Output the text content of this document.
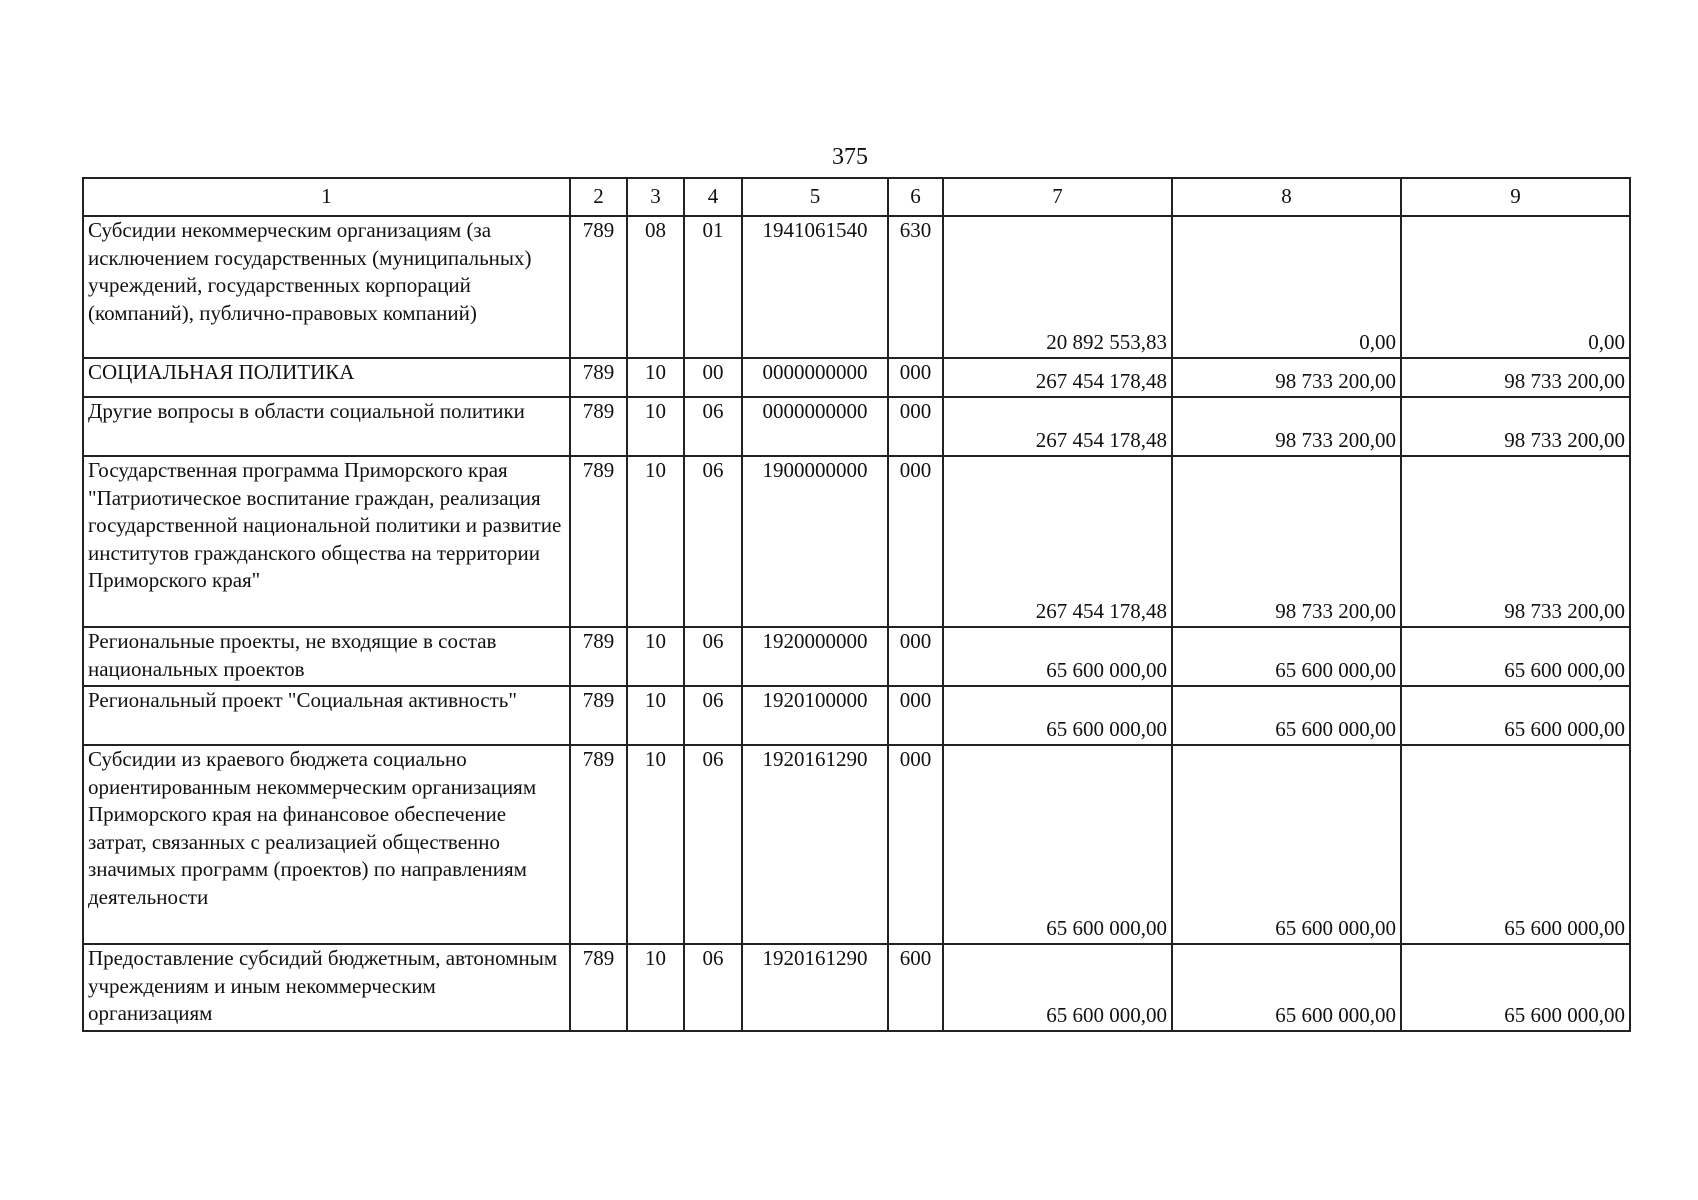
375
1	2	3	4	5	6	7	8	9
Субсидии некоммерческим организациям (за исключением государственных (муниципальных) учреждений, государственных корпораций (компаний), публично-правовых компаний)	789	08	01	1941061540	630	20 892 553,83	0,00	0,00
СОЦИАЛЬНАЯ ПОЛИТИКА	789	10	00	0000000000	000	267 454 178,48	98 733 200,00	98 733 200,00
Другие вопросы в области социальной политики	789	10	06	0000000000	000	267 454 178,48	98 733 200,00	98 733 200,00
Государственная программа Приморского края "Патриотическое воспитание граждан, реализация государственной национальной политики и развитие институтов гражданского общества на территории Приморского края"	789	10	06	1900000000	000	267 454 178,48	98 733 200,00	98 733 200,00
Региональные проекты, не входящие в состав национальных проектов	789	10	06	1920000000	000	65 600 000,00	65 600 000,00	65 600 000,00
Региональный проект "Социальная активность"	789	10	06	1920100000	000	65 600 000,00	65 600 000,00	65 600 000,00
Субсидии из краевого бюджета социально ориентированным некоммерческим организациям Приморского края на финансовое обеспечение затрат, связанных с реализацией общественно значимых программ (проектов) по направлениям деятельности	789	10	06	1920161290	000	65 600 000,00	65 600 000,00	65 600 000,00
Предоставление субсидий бюджетным, автономным учреждениям и иным некоммерческим организациям	789	10	06	1920161290	600	65 600 000,00	65 600 000,00	65 600 000,00
